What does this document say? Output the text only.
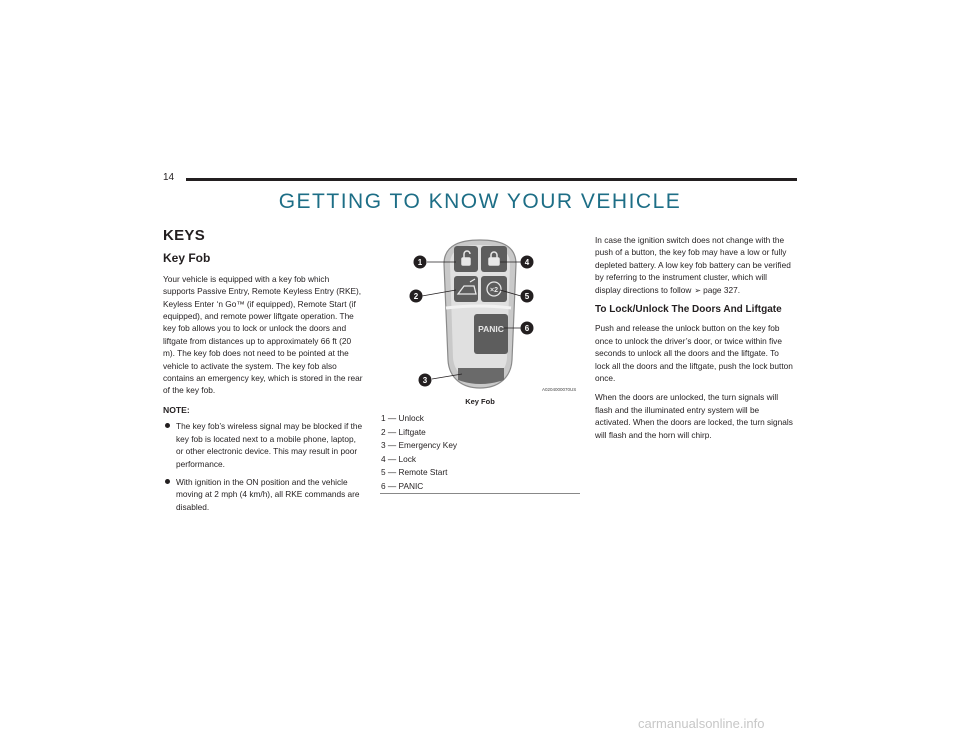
14
GETTING TO KNOW YOUR VEHICLE
KEYS
Key Fob

Your vehicle is equipped with a key fob which supports Passive Entry, Remote Keyless Entry (RKE), Keyless Enter ‘n Go™ (if equipped), Remote Start (if equipped), and remote power liftgate operation. The key fob allows you to lock or unlock the doors and liftgate from distances up to approximately 66 ft (20 m). The key fob does not need to be pointed at the vehicle to activate the system. The key fob also contains an emergency key, which is stored in the rear of the key fob.

NOTE:
The key fob’s wireless signal may be blocked if the key fob is located next to a mobile phone, laptop, or other electronic device. This may result in poor performance.
With ignition in the ON position and the vehicle moving at 2 mph (4 km/h), all RKE commands are disabled.
PANIC
×2
1
2
3
4
5
6
A0204000070US
Key Fob
1 — Unlock
2 — Liftgate
3 — Emergency Key
4 — Lock
5 — Remote Start
6 — PANIC

In case the ignition switch does not change with the push of a button, the key fob may have a low or fully depleted battery. A low key fob battery can be verified by referring to the instrument cluster, which will display directions to follow ➢ page 327.

To Lock/Unlock The Doors And Liftgate

Push and release the unlock button on the key fob once to unlock the driver’s door, or twice within five seconds to unlock all the doors and the liftgate. To lock all the doors and the liftgate, push the lock button once.

When the doors are unlocked, the turn signals will flash and the illuminated entry system will be activated. When the doors are locked, the turn signals will flash and the horn will chirp.

carmanualsonline.info
